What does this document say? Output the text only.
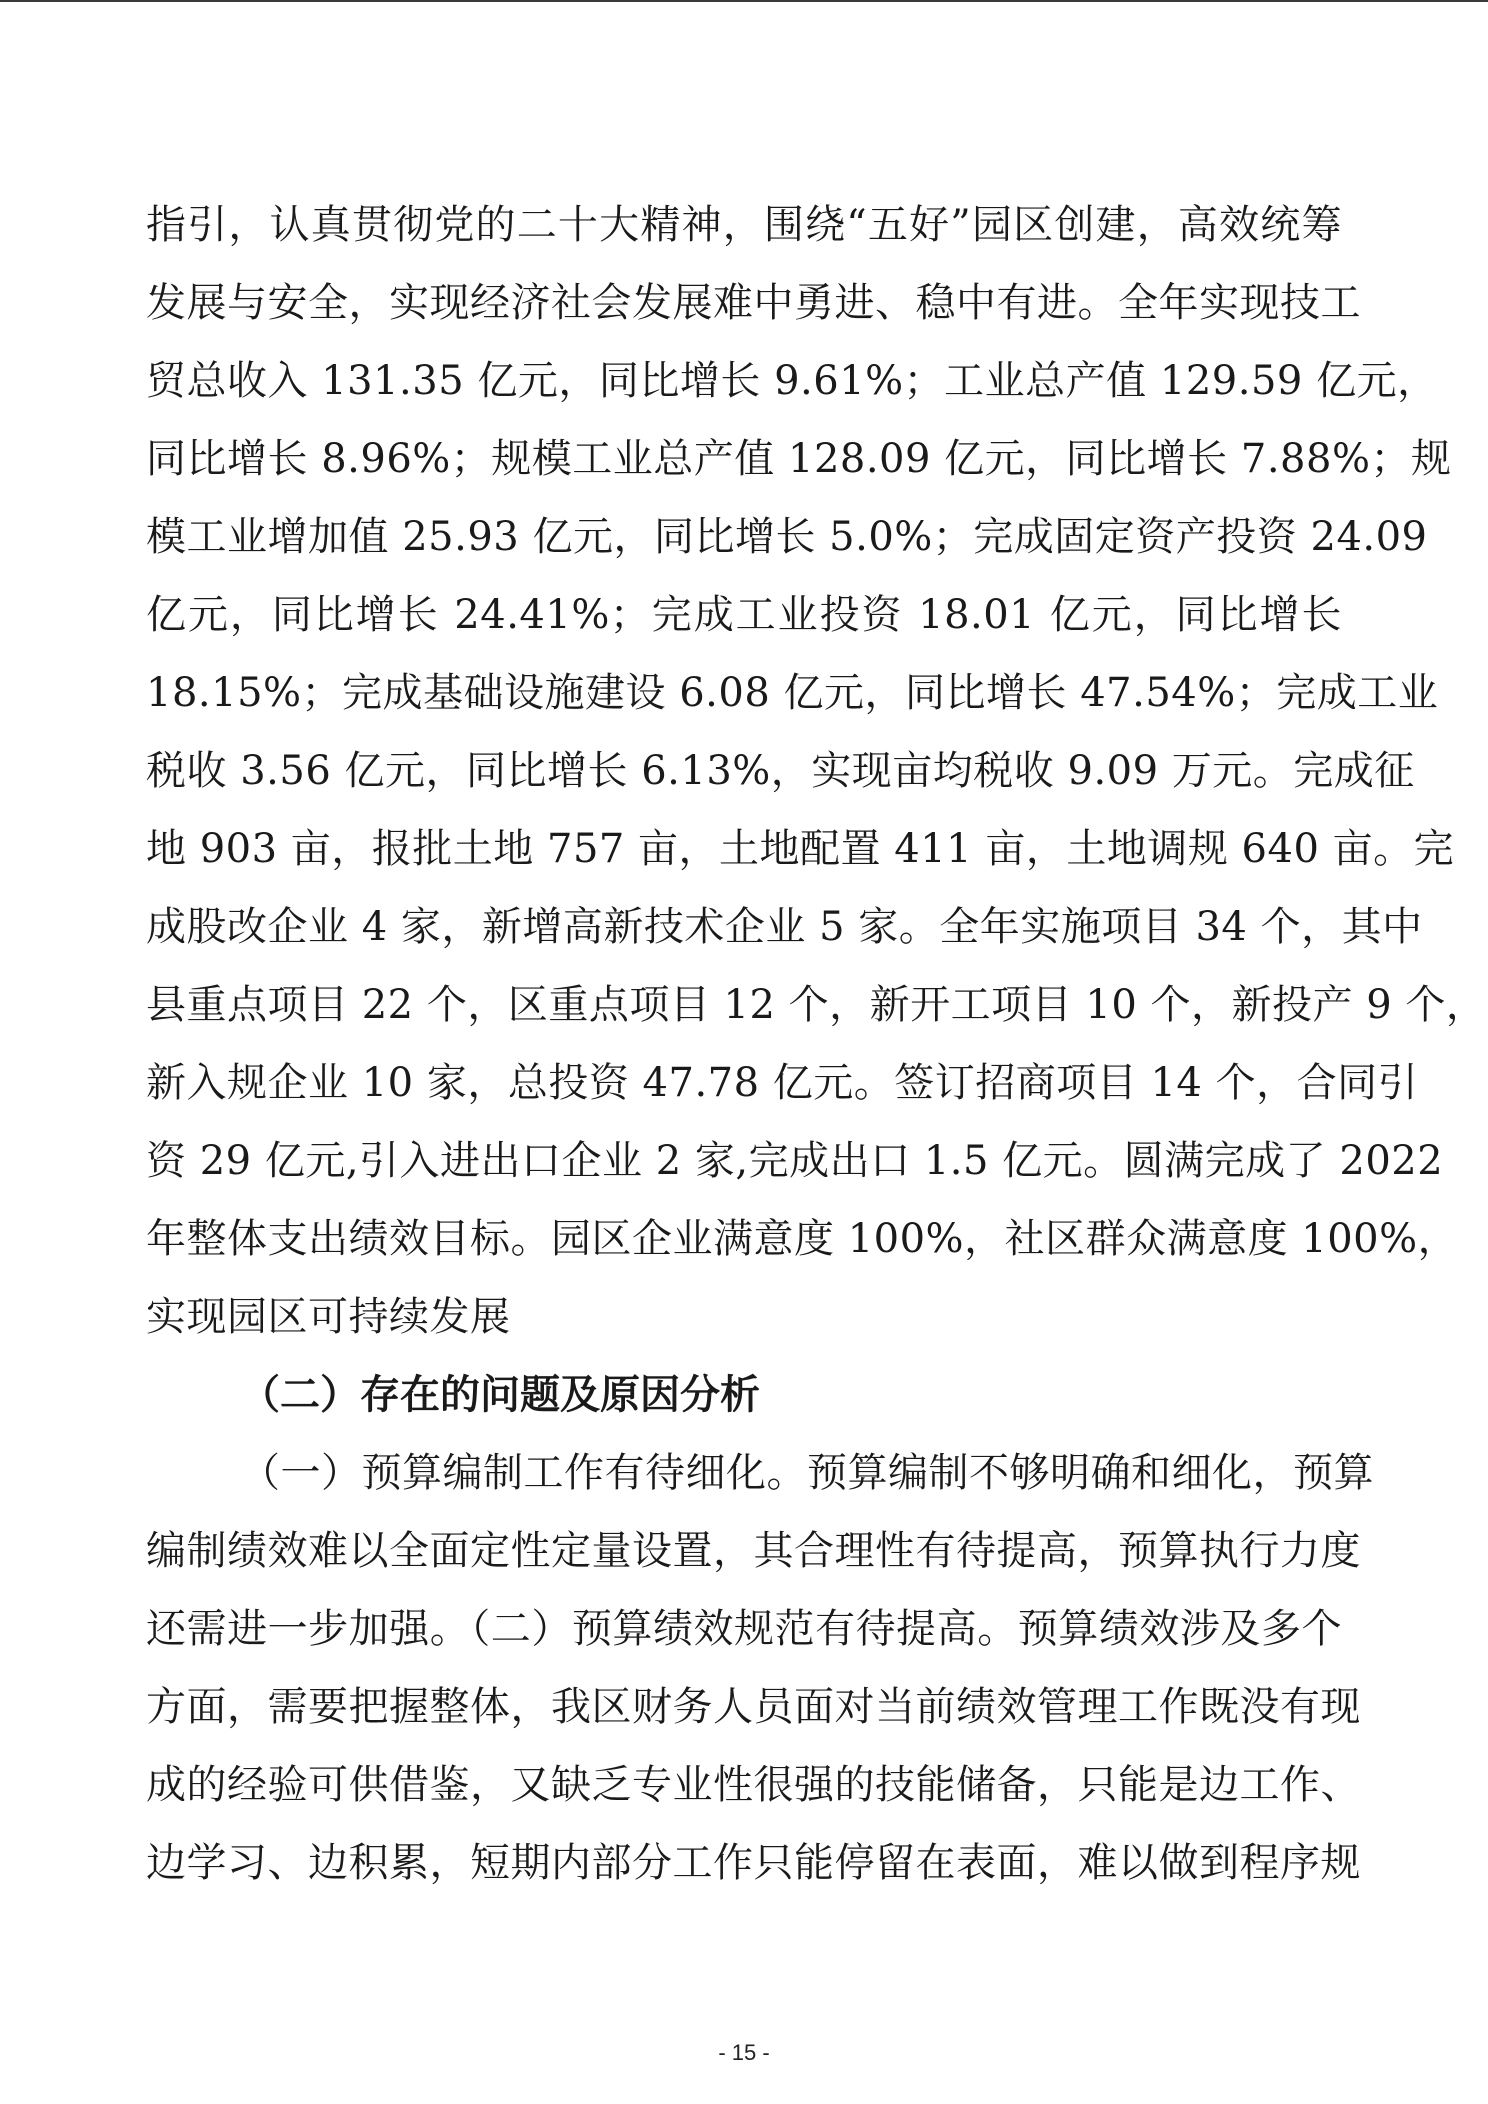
指引，认真贯彻党的二十大精神，围绕“五好”园区创建，高效统筹
发展与安全，实现经济社会发展难中勇进、稳中有进。全年实现技工
贸总收入 131.35 亿元，同比增长 9.61%；工业总产值 129.59 亿元，
同比增长 8.96%；规模工业总产值 128.09 亿元，同比增长 7.88%；规
模工业增加值 25.93 亿元，同比增长 5.0%；完成固定资产投资 24.09
亿元，同比增长 24.41%；完成工业投资 18.01 亿元，同比增长
18.15%；完成基础设施建设 6.08 亿元，同比增长 47.54%；完成工业
税收 3.56 亿元，同比增长 6.13%，实现亩均税收 9.09 万元。完成征
地 903 亩，报批土地 757 亩，土地配置 411 亩，土地调规 640 亩。完
成股改企业 4 家，新增高新技术企业 5 家。全年实施项目 34 个，其中
县重点项目 22 个，区重点项目 12 个，新开工项目 10 个，新投产 9 个，
新入规企业 10 家，总投资 47.78 亿元。签订招商项目 14 个，合同引
资 29 亿元,引入进出口企业 2 家,完成出口 1.5 亿元。圆满完成了 2022
年整体支出绩效目标。园区企业满意度 100%，社区群众满意度 100%，
实现园区可持续发展
（二）存在的问题及原因分析
（一）预算编制工作有待细化。预算编制不够明确和细化，预算
编制绩效难以全面定性定量设置，其合理性有待提高，预算执行力度
还需进一步加强。（二）预算绩效规范有待提高。预算绩效涉及多个
方面，需要把握整体，我区财务人员面对当前绩效管理工作既没有现
成的经验可供借鉴，又缺乏专业性很强的技能储备，只能是边工作、
边学习、边积累，短期内部分工作只能停留在表面，难以做到程序规
- 15 -
